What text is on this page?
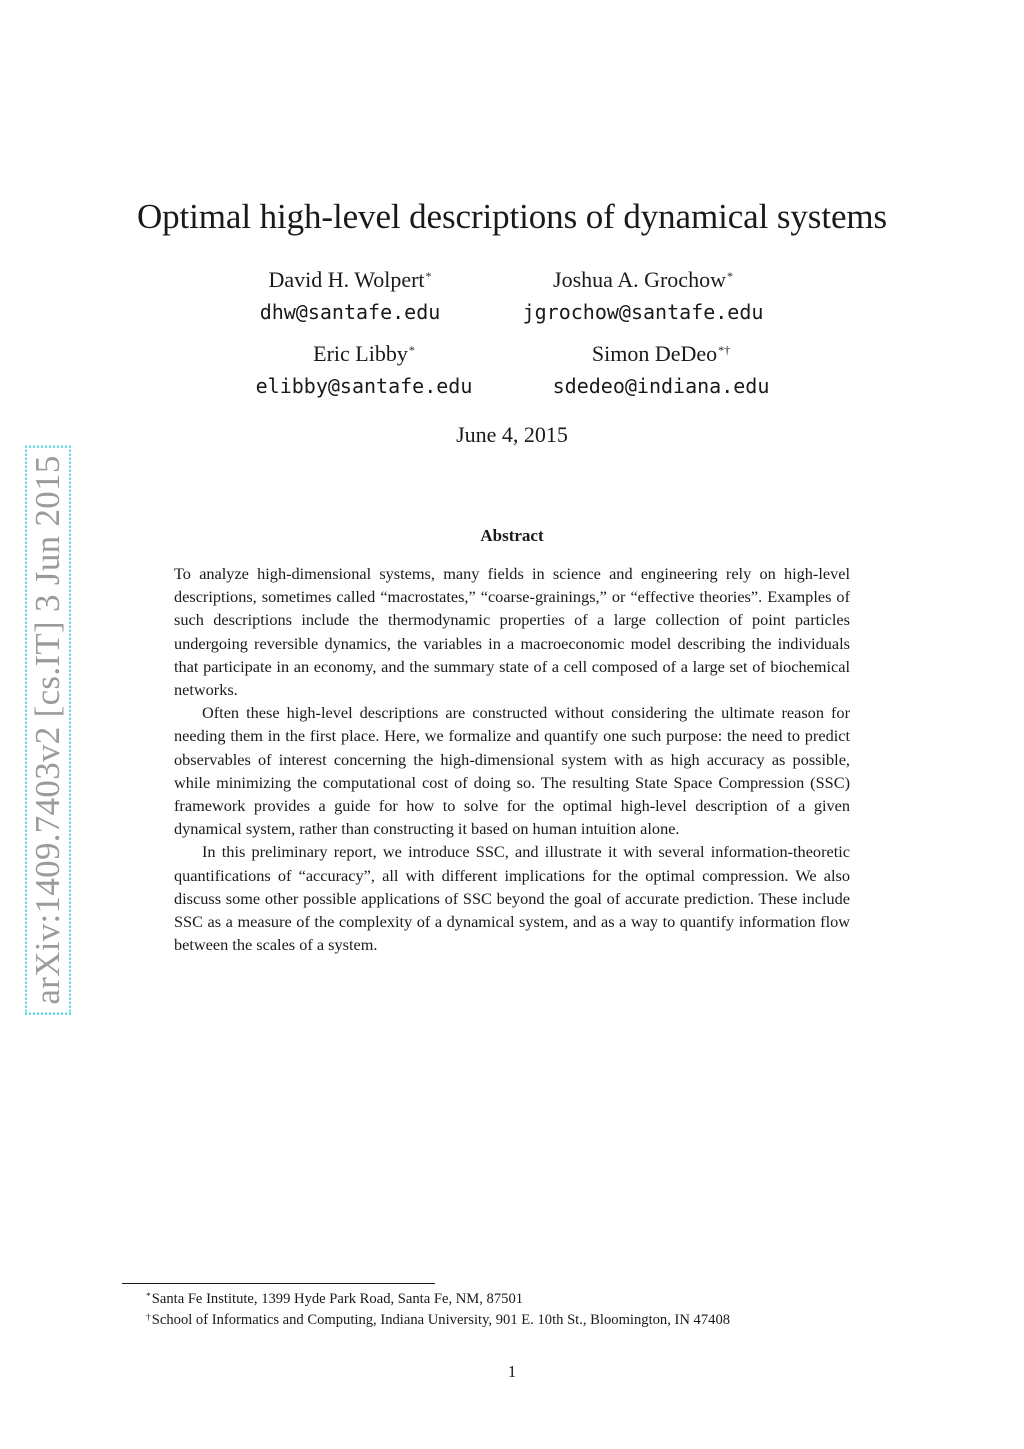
arXiv:1409.7403v2 [cs.IT] 3 Jun 2015
Optimal high-level descriptions of dynamical systems
David H. Wolpert*
dhw@santafe.edu
Joshua A. Grochow*
jgrochow@santafe.edu
Eric Libby*
elibby@santafe.edu
Simon DeDeo*†
sdedeo@indiana.edu
June 4, 2015
Abstract

To analyze high-dimensional systems, many fields in science and engineering rely on high-level descriptions, sometimes called “macrostates,” “coarse-grainings,” or “effective theories”. Examples of such descriptions include the thermodynamic properties of a large collection of point particles undergoing reversible dynamics, the variables in a macroeconomic model describing the individuals that participate in an economy, and the summary state of a cell composed of a large set of biochemical networks.

Often these high-level descriptions are constructed without considering the ultimate reason for needing them in the first place. Here, we formalize and quantify one such purpose: the need to predict observables of interest concerning the high-dimensional system with as high accuracy as possible, while minimizing the computational cost of doing so. The resulting State Space Compression (SSC) framework provides a guide for how to solve for the optimal high-level description of a given dynamical system, rather than constructing it based on human intuition alone.

In this preliminary report, we introduce SSC, and illustrate it with several information-theoretic quantifications of “accuracy”, all with different implications for the optimal compression. We also discuss some other possible applications of SSC beyond the goal of accurate prediction. These include SSC as a measure of the complexity of a dynamical system, and as a way to quantify information flow between the scales of a system.

*Santa Fe Institute, 1399 Hyde Park Road, Santa Fe, NM, 87501
†School of Informatics and Computing, Indiana University, 901 E. 10th St., Bloomington, IN 47408
1
